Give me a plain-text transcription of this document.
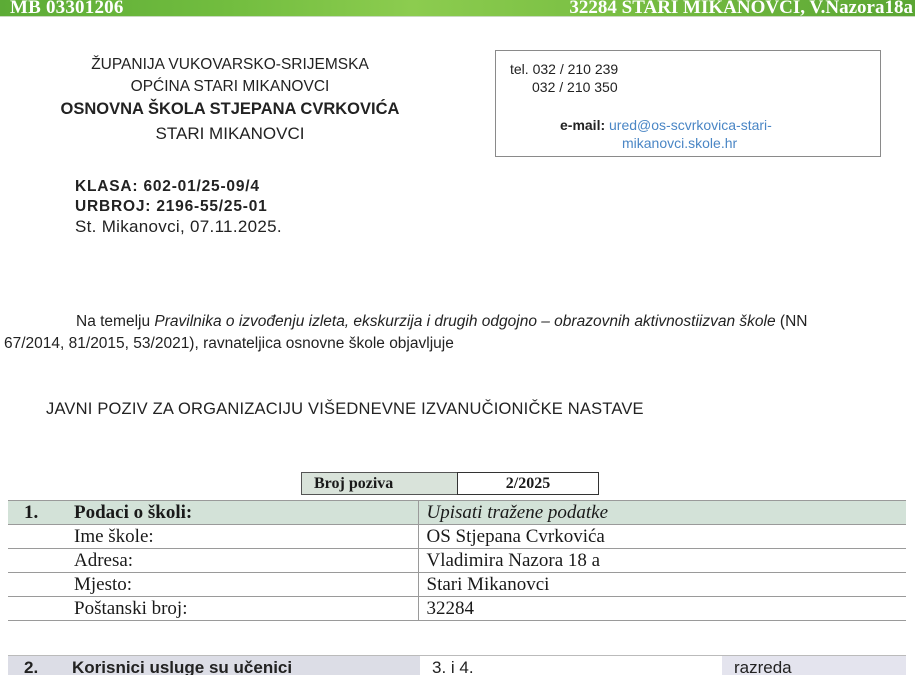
MB 03301206	32284 STARI MIKANOVCI, V.Nazora18a
ŽUPANIJA VUKOVARSKO-SRIJEMSKA
OPĆINA STARI MIKANOVCI
OSNOVNA ŠKOLA STJEPANA CVRKOVIĆA
STARI MIKANOVCI
tel. 032 / 210 239
032 / 210 350
e-mail: ured@os-scvrkovica-stari-
mikanovci.skole.hr
KLASA: 602-01/25-09/4
URBROJ: 2196-55/25-01
St. Mikanovci, 07.11.2025.
Na temelju Pravilnika o izvođenju izleta, ekskurzija i drugih odgojno – obrazovnih aktivnostiizvan škole (NN
67/2014, 81/2015, 53/2021), ravnateljica osnovne škole objavljuje
JAVNI POZIV ZA ORGANIZACIJU VIŠEDNEVNE IZVANUČIONIČKE NASTAVE
Broj poziva	2/2025
1.	Podaci o školi:	Upisati tražene podatke
	Ime škole:	OS Stjepana Cvrkovića
	Adresa:	Vladimira Nazora 18 a
	Mjesto:	Stari Mikanovci
	Poštanski broj:	32284
2. Korisnici usluge su učenici	3. i 4.	razreda
